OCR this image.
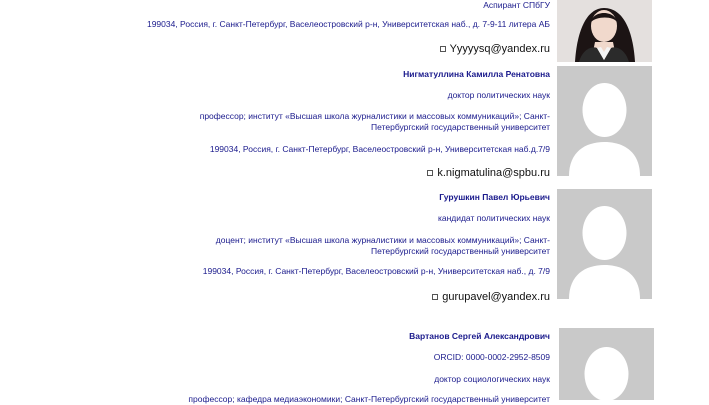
Аспирант СПбГУ
199034, Россия, г. Санкт-Петербург, Васелеостровский р-н, Университетская наб., д. 7-9-11 литера АБ
Yyyyysq@yandex.ru
Нигматуллина Камилла Ренатовна
доктор политических наук
профессор; институт «Высшая школа журналистики и массовых коммуникаций»; Санкт-Петербургский государственный университет
199034, Россия, г. Санкт-Петербург, Васелеостровский р-н, Университетская наб.д.7/9
k.nigmatulina@spbu.ru
Гурушкин Павел Юрьевич
кандидат политических наук
доцент; институт «Высшая школа журналистики и массовых коммуникаций»; Санкт-Петербургский государственный университет
199034, Россия, г. Санкт-Петербург, Васелеостровский р-н, Университетская наб., д. 7/9
gurupavel@yandex.ru
Вартанов Сергей Александрович
ORCID: 0000-0002-2952-8509
доктор социологических наук
профессор; кафедра медиаэкономики; Санкт-Петербургский государственный университет
